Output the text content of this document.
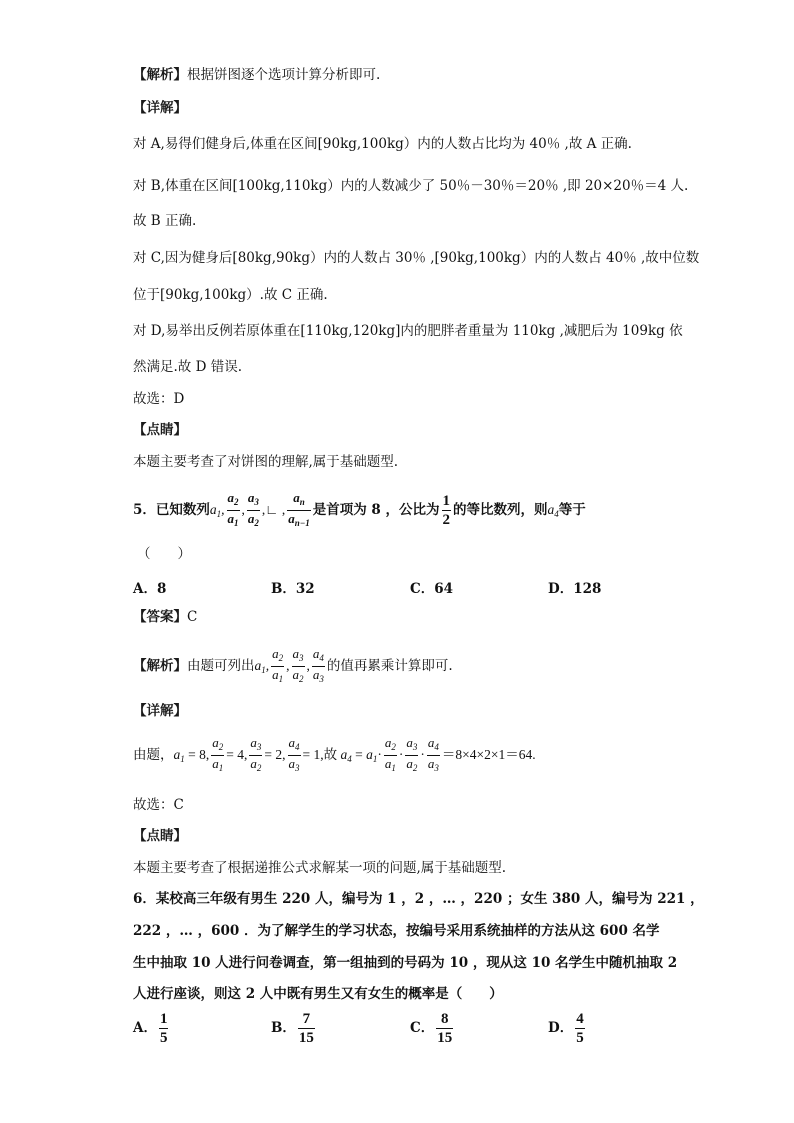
【解析】根据饼图逐个选项计算分析即可.
【详解】
对 A,易得们健身后,体重在区间[90kg,100kg）内的人数占比均为 40％ ,故 A 正确.
对 B,体重在区间[100kg,110kg）内的人数减少了 50％－30％＝20％ ,即 20×20％＝4 人.
故 B 正确.
对 C,因为健身后[80kg,90kg）内的人数占 30％ ,[90kg,100kg）内的人数占 40％ ,故中位数
位于[90kg,100kg）.故 C 正确.
对 D,易举出反例若原体重在[110kg,120kg]内的肥胖者重量为 110kg ,减肥后为 109kg 依
然满足.故 D 错误.
故选：D
【点睛】
本题主要考查了对饼图的理解,属于基础题型.
5．已知数列$a_1$, $\frac{a_2}{a_1}$ , $\frac{a_3}{a_2}$ ,∟ , $\frac{a_n}{a_{n-1}}$ 是首项为 8 ，公比为 $\frac{1}{2}$ 的等比数列，则$a_4$等于
（　　）
A．8	B．32	C．64	D．128
【答案】C
【解析】由题可列出$a_1$, $\frac{a_2}{a_1}$ , $\frac{a_3}{a_2}$ , $\frac{a_4}{a_3}$ 的值再累乘计算即可.
【详解】
由题，$a_1 = 8$, $\frac{a_2}{a_1} = 4$, $\frac{a_3}{a_2} = 2$, $\frac{a_4}{a_3} = 1$,故 $a_4 = a_1\cdot \frac{a_2}{a_1} \cdot \frac{a_3}{a_2} \cdot \frac{a_4}{a_3} =8\times 4\times 2\times 1=64$.
故选：C
【点睛】
本题主要考查了根据递推公式求解某一项的问题,属于基础题型.
6．某校高三年级有男生 220 人，编号为 1 ，2 ，… ，220 ；女生 380 人，编号为 221 ，
222 ，… ，600 ．为了解学生的学习状态，按编号采用系统抽样的方法从这 600 名学
生中抽取 10 人进行问卷调查，第一组抽到的号码为 10 ，现从这 10 名学生中随机抽取 2
人进行座谈，则这 2 人中既有男生又有女生的概率是（　　）
A． $\frac{1}{5}$	B． $\frac{7}{15}$	C． $\frac{8}{15}$	D． $\frac{4}{5}$
